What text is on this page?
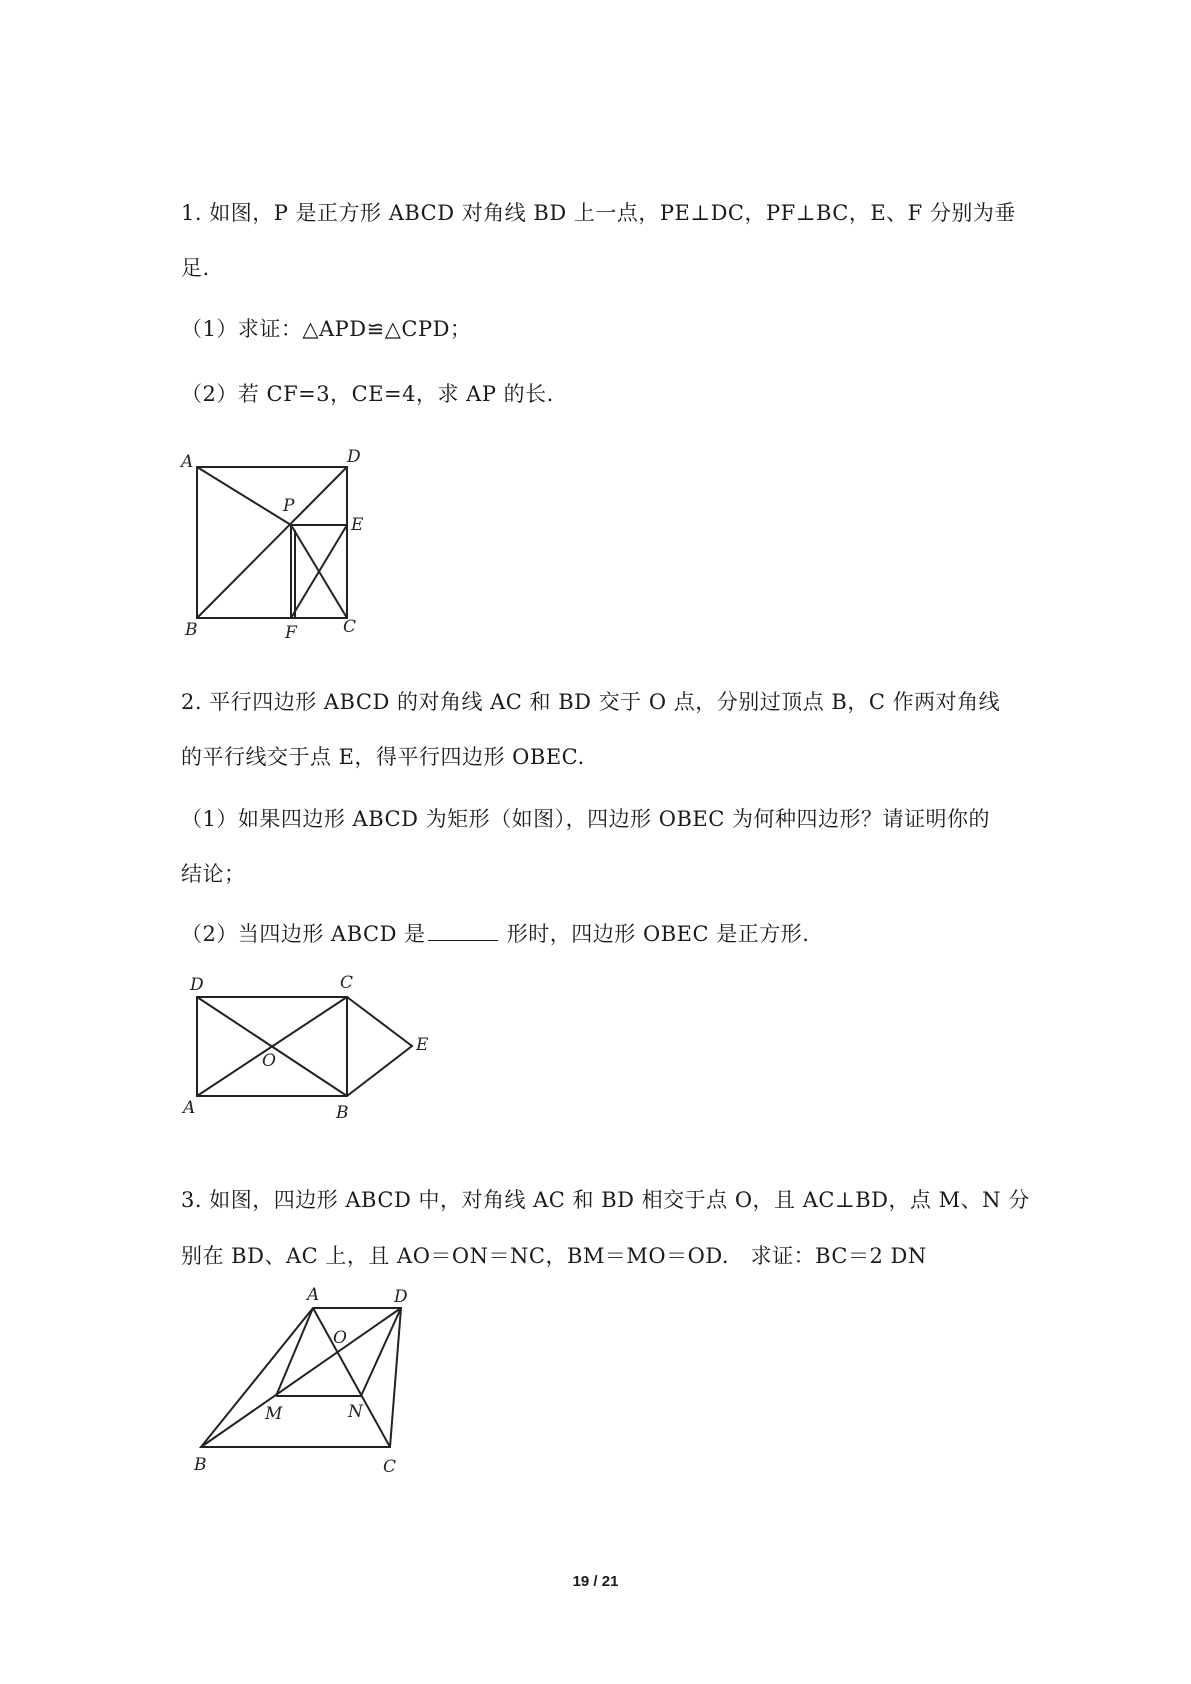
1. 如图，P 是正方形 ABCD 对角线 BD 上一点，PE⊥DC，PF⊥BC，E、F 分别为垂
足.
（1）求证：△APD≌△CPD；
（2）若 CF=3，CE=4，求 AP 的长.
A	D
P
E
B	F	C
2. 平行四边形 ABCD 的对角线 AC 和 BD 交于 O 点，分别过顶点 B，C 作两对角线
的平行线交于点 E，得平行四边形 OBEC.
（1）如果四边形 ABCD 为矩形（如图），四边形 OBEC 为何种四边形？请证明你的
结论；
（2）当四边形 ABCD 是	形时，四边形 OBEC 是正方形.
D	C
E
O
A	B
3. 如图，四边形 ABCD 中，对角线 AC 和 BD 相交于点 O，且 AC⊥BD，点 M、N 分
别在 BD、AC 上，且 AO＝ON＝NC，BM＝MO＝OD.　求证：BC＝2 DN
A	D
O
M	N
B	C
19 / 21
